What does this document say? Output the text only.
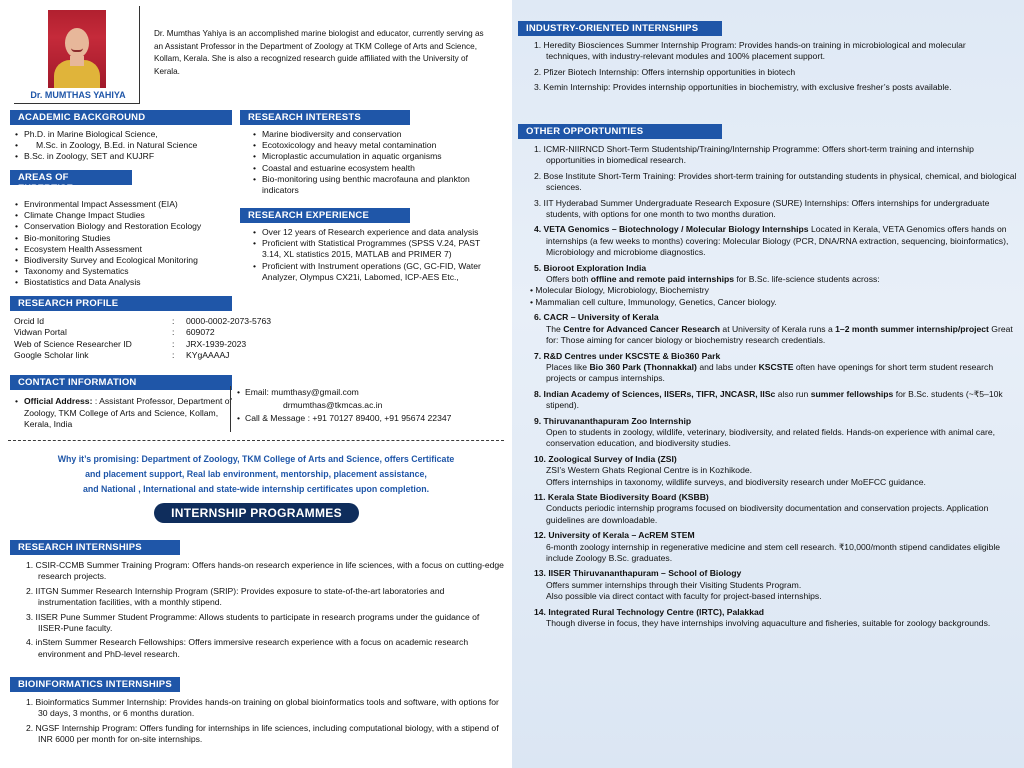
Dr. MUMTHAS YAHIYA
Dr. Mumthas Yahiya is an accomplished marine biologist and educator, currently serving as an Assistant Professor in the Department of Zoology at TKM College of Arts and Science, Kollam, Kerala. She is also a recognized research guide affiliated with the University of Kerala.
ACADEMIC BACKGROUND
• Ph.D. in Marine Biological Science,
• M.Sc. in Zoology, B.Ed. in Natural Science
• B.Sc. in Zoology, SET and KUJRF
AREAS OF EXPERTISE
• Environmental Impact Assessment (EIA)
• Climate Change Impact Studies
• Conservation Biology and Restoration Ecology
• Bio-monitoring Studies
• Ecosystem Health Assessment
• Biodiversity Survey and Ecological Monitoring
• Taxonomy and Systematics
• Biostatistics and Data Analysis
RESEARCH INTERESTS
• Marine biodiversity and conservation
• Ecotoxicology and heavy metal contamination
• Microplastic accumulation in aquatic organisms
• Coastal and estuarine ecosystem health
• Bio-monitoring using benthic macrofauna and plankton indicators
RESEARCH EXPERIENCE
• Over 12 years of Research experience and data analysis
• Proficient with Statistical Programmes (SPSS V.24, PAST 3.14, XL statistics 2015, MATLAB and PRIMER 7)
• Proficient with Instrument operations (GC, GC-FID, Water Analyzer, Olympus CX21i, Labomed, ICP-AES Etc.,
RESEARCH PROFILE
Orcid Id	:	0000-0002-2073-5763
Vidwan Portal	:	609072
Web of Science Researcher ID	:	JRX-1939-2023
Google Scholar link	:	KYgAAAAJ
CONTACT INFORMATION
• Official Address: : Assistant Professor, Department of Zoology, TKM College of Arts and Science, Kollam, Kerala, India
• Email: mumthasy@gmail.com
drmumthas@tkmcas.ac.in
• Call & Message : +91 70127 89400, +91 95674 22347
Why it’s promising: Department of Zoology, TKM College of Arts and Science, offers Certificate
and placement support, Real lab environment, mentorship, placement assistance,
and National , International and state-wide internship certificates upon completion.
INTERNSHIP PROGRAMMES
RESEARCH INTERNSHIPS
1. CSIR-CCMB Summer Training Program: Offers hands-on research experience in life sciences, with a focus on cutting-edge research projects.
2. IITGN Summer Research Internship Program (SRIP): Provides exposure to state-of-the-art laboratories and instrumentation facilities, with a monthly stipend.
3. IISER Pune Summer Student Programme: Allows students to participate in research programs under the guidance of IISER-Pune faculty.
4. inStem Summer Research Fellowships: Offers immersive research experience with a focus on academic research environment and PhD-level research.
BIOINFORMATICS INTERNSHIPS
1. Bioinformatics Summer Internship: Provides hands-on training on global bioinformatics tools and software, with options for 30 days, 3 months, or 6 months duration.
2. NGSF Internship Program: Offers funding for internships in life sciences, including computational biology, with a stipend of INR 6000 per month for on-site internships.
INDUSTRY-ORIENTED INTERNSHIPS
1. Heredity Biosciences Summer Internship Program: Provides hands-on training in microbiological and molecular techniques, with industry-relevant modules and 100% placement support.
2. Pfizer Biotech Internship: Offers internship opportunities in biotech
3. Kemin Internship: Provides internship opportunities in biochemistry, with exclusive fresher’s posts available.
OTHER OPPORTUNITIES
1. ICMR-NIIRNCD Short-Term Studentship/Training/Internship Programme: Offers short-term training and internship opportunities in biomedical research.
2. Bose Institute Short-Term Training: Provides short-term training for outstanding students in physical, chemical, and biological sciences.
3. IIT Hyderabad Summer Undergraduate Research Exposure (SURE) Internships: Offers internships for undergraduate students, with options for one month to two months duration.
4. VETA Genomics – Biotechnology / Molecular Biology Internships Located in Kerala, VETA Genomics offers hands on internships (a few weeks to months) covering: Molecular Biology (PCR, DNA/RNA extraction, sequencing, bioinformatics), Microbiology and microbiome diagnostics.
5. Bioroot Exploration India
Offers both offline and remote paid internships for B.Sc. life-science students across:
• Molecular Biology, Microbiology, Biochemistry
• Mammalian cell culture, Immunology, Genetics, Cancer biology.
6. CACR – University of Kerala
The Centre for Advanced Cancer Research at University of Kerala runs a 1–2 month summer internship/project Great for: Those aiming for cancer biology or biochemistry research credentials.
7. R&D Centres under KSCSTE & Bio360 Park
Places like Bio 360 Park (Thonnakkal) and labs under KSCSTE often have openings for short term student research projects or campus internships.
8. Indian Academy of Sciences, IISERs, TIFR, JNCASR, IISc also run summer fellowships for B.Sc. students (~₹5–10k stipend).
9. Thiruvananthapuram Zoo Internship
Open to students in zoology, wildlife, veterinary, biodiversity, and related fields. Hands-on experience with animal care, conservation education, and biodiversity studies.
10. Zoological Survey of India (ZSI)
ZSI’s Western Ghats Regional Centre is in Kozhikode.
Offers internships in taxonomy, wildlife surveys, and biodiversity research under MoEFCC guidance.
11. Kerala State Biodiversity Board (KSBB)
Conducts periodic internship programs focused on biodiversity documentation and conservation projects. Application guidelines are downloadable.
12. University of Kerala – AcREM STEM
6-month zoology internship in regenerative medicine and stem cell research. ₹10,000/month stipend candidates eligible include Zoology B.Sc. graduates.
13. IISER Thiruvananthapuram – School of Biology
Offers summer internships through their Visiting Students Program.
Also possible via direct contact with faculty for project-based internships.
14. Integrated Rural Technology Centre (IRTC), Palakkad
Though diverse in focus, they have internships involving aquaculture and fisheries, suitable for zoology backgrounds.
